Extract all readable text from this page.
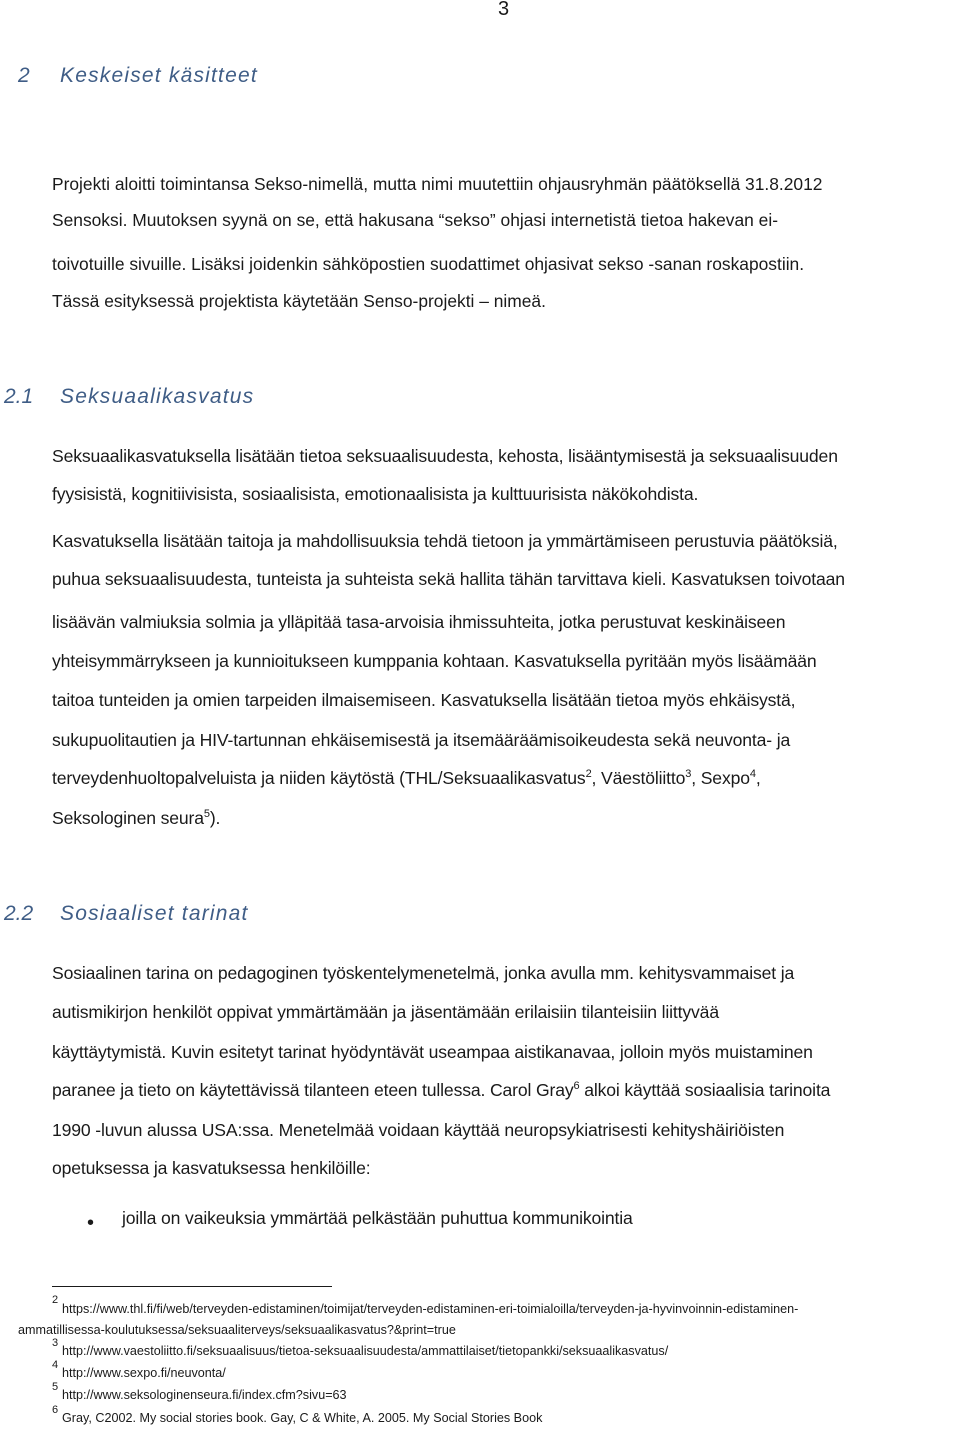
3
2 Keskeiset käsitteet
Projekti aloitti toimintansa Sekso-nimellä, mutta nimi muutettiin ohjausryhmän päätöksellä 31.8.2012
Sensoksi. Muutoksen syynä on se, että hakusana “sekso” ohjasi internetistä tietoa hakevan ei-
toivotuille sivuille. Lisäksi joidenkin sähköpostien suodattimet ohjasivat sekso -sanan roskapostiin.
Tässä esityksessä projektista käytetään Senso-projekti – nimeä.
2.1 Seksuaalikasvatus
Seksuaalikasvatuksella lisätään tietoa seksuaalisuudesta, kehosta, lisääntymisestä ja seksuaalisuuden
fyysisistä, kognitiivisista, sosiaalisista, emotionaalisista ja kulttuurisista näkökohdista.
Kasvatuksella lisätään taitoja ja mahdollisuuksia tehdä tietoon ja ymmärtämiseen perustuvia päätöksiä,
puhua seksuaalisuudesta, tunteista ja suhteista sekä hallita tähän tarvittava kieli. Kasvatuksen toivotaan
lisäävän valmiuksia solmia ja ylläpitää tasa-arvoisia ihmissuhteita, jotka perustuvat keskinäiseen
yhteisymmärrykseen ja kunnioitukseen kumppania kohtaan. Kasvatuksella pyritään myös lisäämään
taitoa tunteiden ja omien tarpeiden ilmaisemiseen. Kasvatuksella lisätään tietoa myös ehkäisystä,
sukupuolitautien ja HIV-tartunnan ehkäisemisestä ja itsemääräämisoikeudesta sekä neuvonta- ja
terveydenhuoltopalveluista ja niiden käytöstä (THL/Seksuaalikasvatus$^2$, Väestöliitto$^3$, Sexpo$^4$,
Seksologinen seura$^5$).
2.2 Sosiaaliset tarinat
Sosiaalinen tarina on pedagoginen työskentelymenetelmä, jonka avulla mm. kehitysvammaiset ja
autismikirjon henkilöt oppivat ymmärtämään ja jäsentämään erilaisiin tilanteisiin liittyvää
käyttäytymistä. Kuvin esitetyt tarinat hyödyntävät useampaa aistikanavaa, jolloin myös muistaminen
paranee ja tieto on käytettävissä tilanteen eteen tullessa. Carol Gray$^6$ alkoi käyttää sosiaalisia tarinoita
1990 -luvun alussa USA:ssa. Menetelmää voidaan käyttää neuropsykiatrisesti kehityshäiriöisten
opetuksessa ja kasvatuksessa henkilöille:
• joilla on vaikeuksia ymmärtää pelkästään puhuttua kommunikointia
2
https://www.thl.fi/fi/web/terveyden-edistaminen/toimijat/terveyden-edistaminen-eri-toimialoilla/terveyden-ja-hyvinvoinnin-edistaminen-
ammatillisessa-koulutuksessa/seksuaaliterveys/seksuaalikasvatus?&print=true
3
http://www.vaestoliitto.fi/seksuaalisuus/tietoa-seksuaalisuudesta/ammattilaiset/tietopankki/seksuaalikasvatus/
4
http://www.sexpo.fi/neuvonta/
5
http://www.seksologinenseura.fi/index.cfm?sivu=63
6
Gray, C2002. My social stories book. Gay, C & White, A. 2005. My Social Stories Book
